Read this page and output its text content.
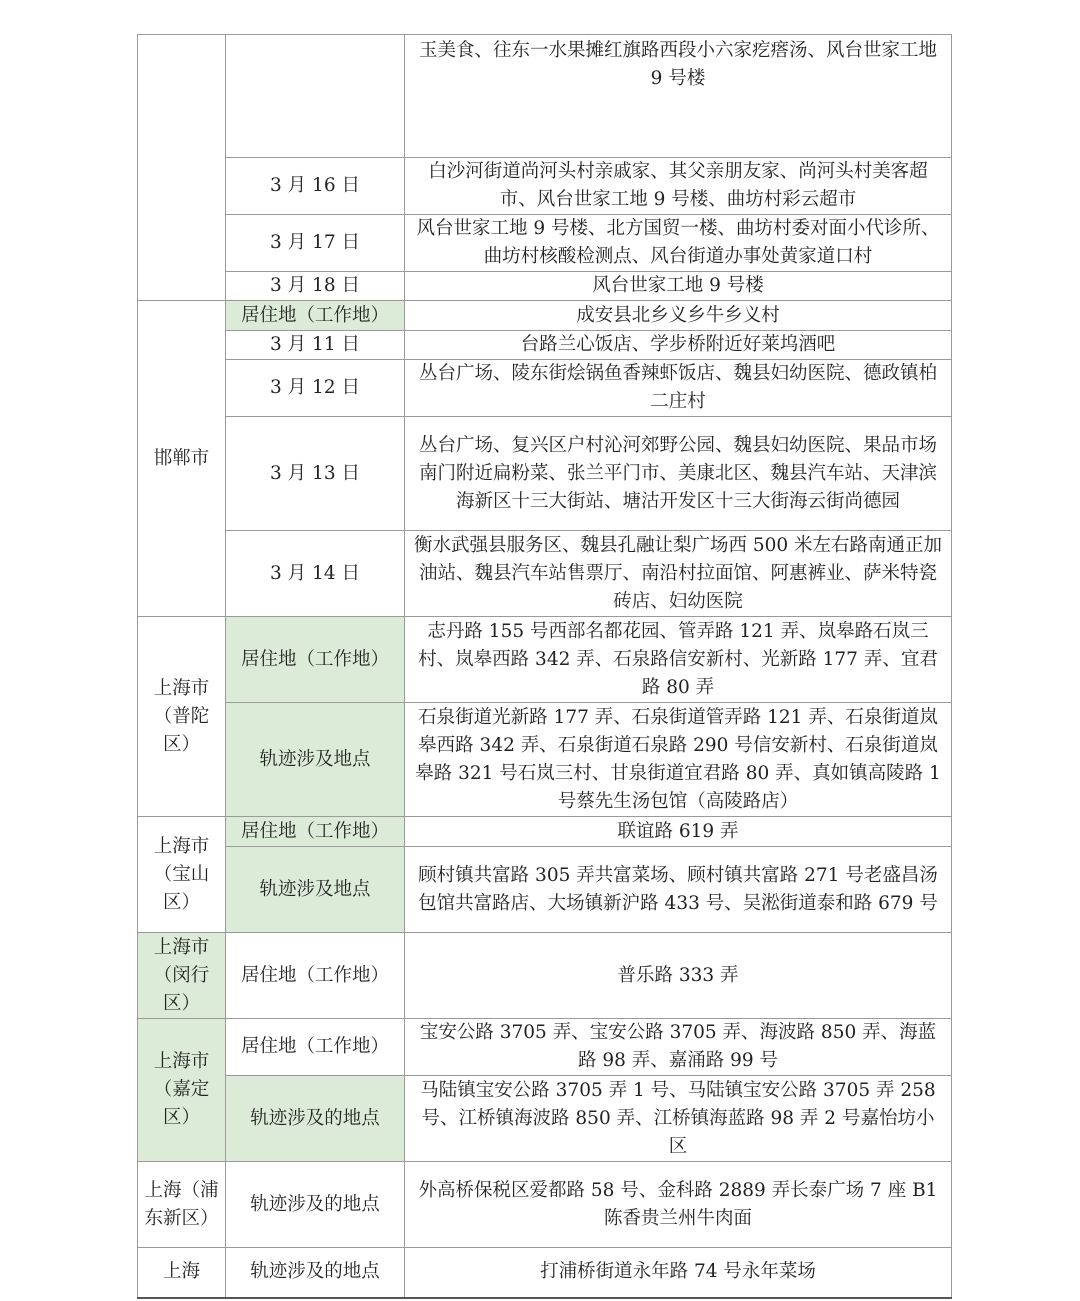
		玉美食、往东一水果摊红旗路西段小六家疙瘩汤、风台世家工地 9 号楼
	3 月 16 日	白沙河街道尚河头村亲戚家、其父亲朋友家、尚河头村美客超市、风台世家工地 9 号楼、曲坊村彩云超市
	3 月 17 日	风台世家工地 9 号楼、北方国贸一楼、曲坊村委对面小代诊所、曲坊村核酸检测点、风台街道办事处黄家道口村
	3 月 18 日	风台世家工地 9 号楼
邯郸市	居住地（工作地）	成安县北乡义乡牛乡义村
	3 月 11 日	台路兰心饭店、学步桥附近好莱坞酒吧
	3 月 12 日	丛台广场、陵东街烩锅鱼香辣虾饭店、魏县妇幼医院、德政镇柏二庄村
	3 月 13 日	丛台广场、复兴区户村沁河郊野公园、魏县妇幼医院、果品市场南门附近扁粉菜、张兰平门市、美康北区、魏县汽车站、天津滨海新区十三大街站、塘沽开发区十三大街海云街尚德园
	3 月 14 日	衡水武强县服务区、魏县孔融让梨广场西 500 米左右路南通正加油站、魏县汽车站售票厅、南沿村拉面馆、阿惠裤业、萨米特瓷砖店、妇幼医院

上海市（普陀区）	居住地（工作地）	志丹路 155 号西部名都花园、管弄路 121 弄、岚皋路石岚三村、岚皋西路 342 弄、石泉路信安新村、光新路 177 弄、宜君路 80 弄
	轨迹涉及地点	石泉街道光新路 177 弄、石泉街道管弄路 121 弄、石泉街道岚皋西路 342 弄、石泉街道石泉路 290 号信安新村、石泉街道岚皋路 321 号石岚三村、甘泉街道宜君路 80 弄、真如镇高陵路 1 号蔡先生汤包馆（高陵路店）
上海市（宝山区）	居住地（工作地）	联谊路 619 弄
	轨迹涉及地点	顾村镇共富路 305 弄共富菜场、顾村镇共富路 271 号老盛昌汤包馆共富路店、大场镇新沪路 433 号、吴淞街道泰和路 679 号
上海市（闵行区）	居住地（工作地）	普乐路 333 弄
上海市（嘉定区）	居住地（工作地）	宝安公路 3705 弄、宝安公路 3705 弄、海波路 850 弄、海蓝路 98 弄、嘉涌路 99 号
	轨迹涉及的地点	马陆镇宝安公路 3705 弄 1 号、马陆镇宝安公路 3705 弄 258 号、江桥镇海波路 850 弄、江桥镇海蓝路 98 弄 2 号嘉怡坊小区
上海（浦东新区）	轨迹涉及的地点	外高桥保税区爱都路 58 号、金科路 2889 弄长泰广场 7 座 B1 陈香贵兰州牛肉面
上海	轨迹涉及的地点	打浦桥街道永年路 74 号永年菜场
